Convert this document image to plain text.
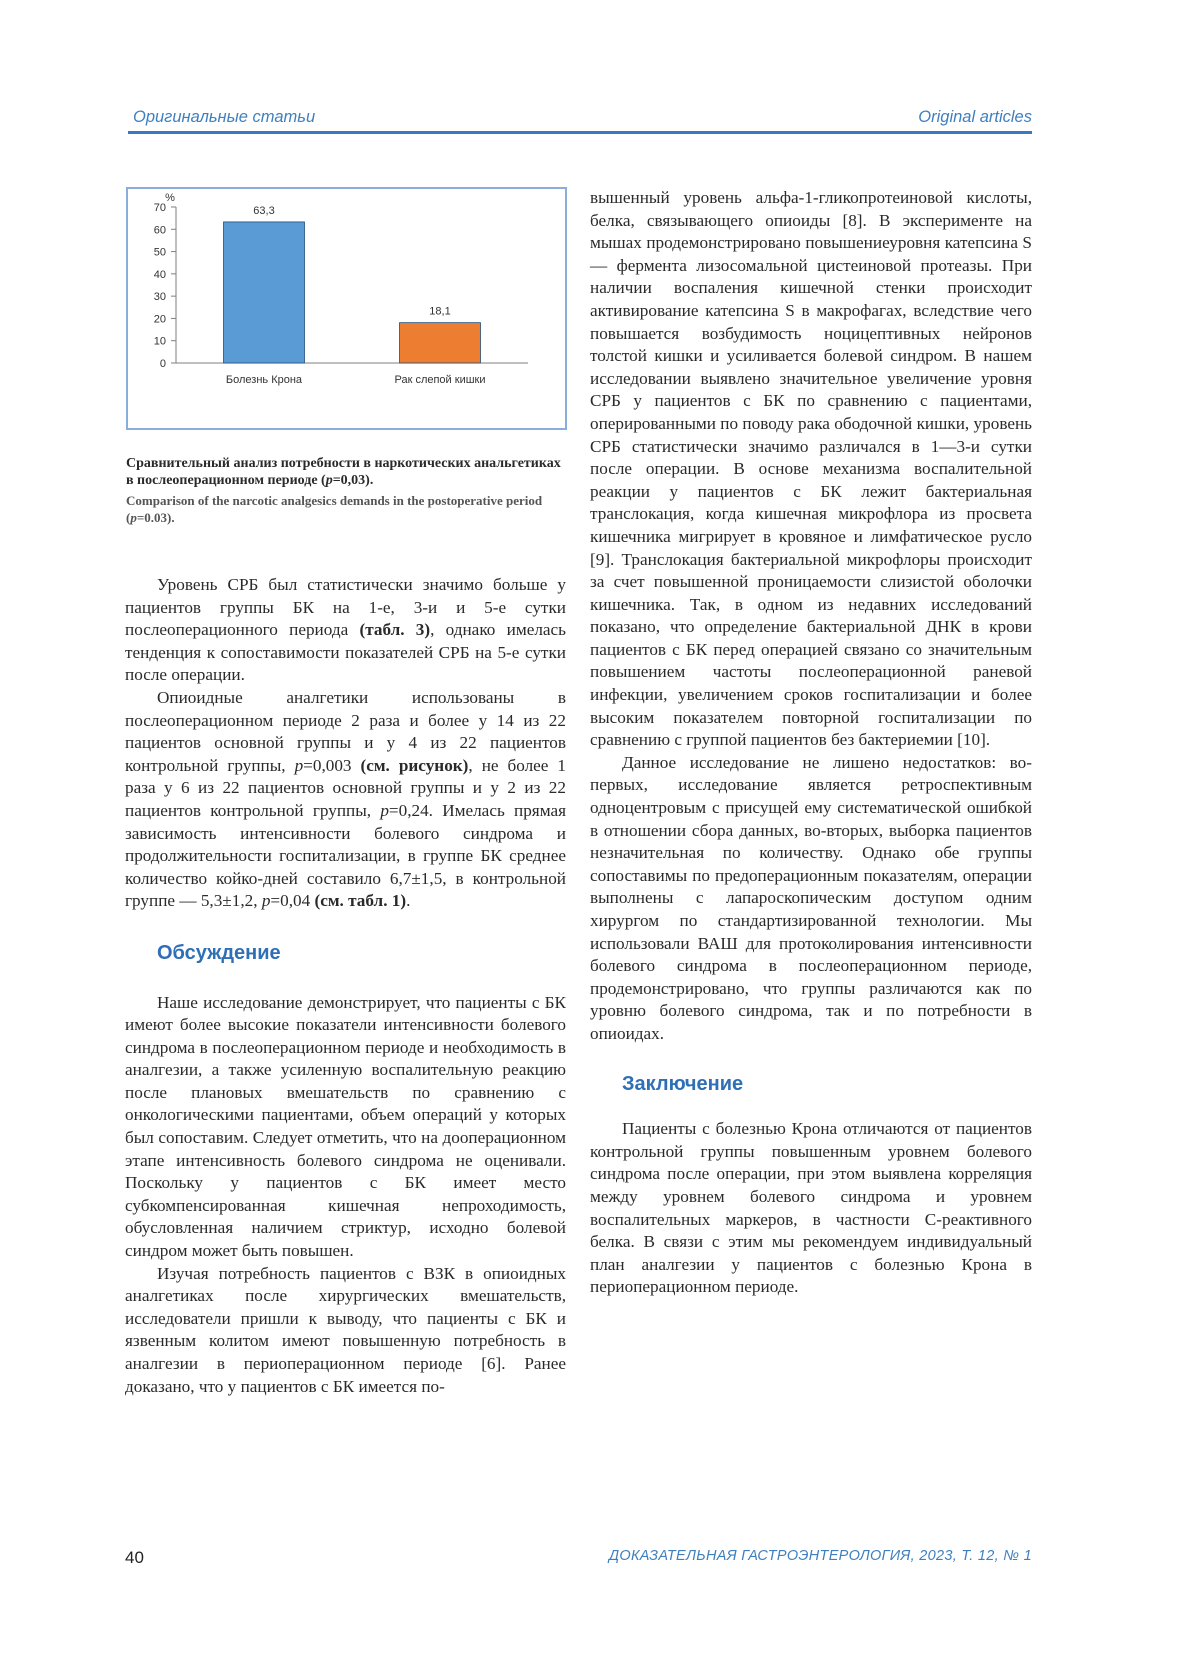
Оригинальные статьи	Original articles
0
10
20
30
40
50
60
70
%
63,3
Болезнь Крона
18,1
Рак слепой кишки
Сравнительный анализ потребности в наркотических анальгетиках в послеоперационном периоде (p=0,03).
Comparison of the narcotic analgesics demands in the postoperative period (p=0.03).

Уровень СРБ был статистически значимо больше у пациентов группы БК на 1-е, 3-и и 5-е сутки послеоперационного периода (табл. 3), однако имелась тенденция к сопоставимости показателей СРБ на 5-е сутки после операции.

Опиоидные аналгетики использованы в послеоперационном периоде 2 раза и более у 14 из 22 пациентов основной группы и у 4 из 22 пациентов контрольной группы, p=0,003 (см. рисунок), не более 1 раза у 6 из 22 пациентов основной группы и у 2 из 22 пациентов контрольной группы, p=0,24. Имелась прямая зависимость интенсивности болевого синдрома и продолжительности госпитализации, в группе БК среднее количество койко-дней составило 6,7±1,5, в контрольной группе — 5,3±1,2, p=0,04 (см. табл. 1).

Обсуждение

Наше исследование демонстрирует, что пациенты с БК имеют более высокие показатели интенсивности болевого синдрома в послеоперационном периоде и необходимость в аналгезии, а также усиленную воспалительную реакцию после плановых вмешательств по сравнению с онкологическими пациентами, объем операций у которых был сопоставим. Следует отметить, что на дооперационном этапе интенсивность болевого синдрома не оценивали. Поскольку у пациентов с БК имеет место субкомпенсированная кишечная непроходимость, обусловленная наличием стриктур, исходно болевой синдром может быть повышен.

Изучая потребность пациентов с ВЗК в опиоидных аналгетиках после хирургических вмешательств, исследователи пришли к выводу, что пациенты с БК и язвенным колитом имеют повышенную потребность в аналгезии в периоперационном периоде [6]. Ранее доказано, что у пациентов с БК имеется по-

вышенный уровень альфа-1-гликопротеиновой кислоты, белка, связывающего опиоиды [8]. В эксперименте на мышах продемонстрировано повышениеуровня катепсина S — фермента лизосомальной цистеиновой протеазы. При наличии воспаления кишечной стенки происходит активирование катепсина S в макрофагах, вследствие чего повышается возбудимость ноцицептивных нейронов толстой кишки и усиливается болевой синдром. В нашем исследовании выявлено значительное увеличение уровня СРБ у пациентов с БК по сравнению с пациентами, оперированными по поводу рака ободочной кишки, уровень СРБ статистически значимо различался в 1—3-и сутки после операции. В основе механизма воспалительной реакции у пациентов с БК лежит бактериальная транслокация, когда кишечная микрофлора из просвета кишечника мигрирует в кровяное и лимфатическое русло [9]. Транслокация бактериальной микрофлоры происходит за счет повышенной проницаемости слизистой оболочки кишечника. Так, в одном из недавних исследований показано, что определение бактериальной ДНК в крови пациентов с БК перед операцией связано со значительным повышением частоты послеоперационной раневой инфекции, увеличением сроков госпитализации и более высоким показателем повторной госпитализации по сравнению с группой пациентов без бактериемии [10].

Данное исследование не лишено недостатков: во-первых, исследование является ретроспективным одноцентровым с присущей ему систематической ошибкой в отношении сбора данных, во-вторых, выборка пациентов незначительная по количеству. Однако обе группы сопоставимы по предоперационным показателям, операции выполнены с лапароскопическим доступом одним хирургом по стандартизированной технологии. Мы использовали ВАШ для протоколирования интенсивности болевого синдрома в послеоперационном периоде, продемонстрировано, что группы различаются как по уровню болевого синдрома, так и по потребности в опиоидах.

Заключение

Пациенты с болезнью Крона отличаются от пациентов контрольной группы повышенным уровнем болевого синдрома после операции, при этом выявлена корреляция между уровнем болевого синдрома и уровнем воспалительных маркеров, в частности С-реактивного белка. В связи с этим мы рекомендуем индивидуальный план аналгезии у пациентов с болезнью Крона в периоперационном периоде.

40	ДОКАЗАТЕЛЬНАЯ ГАСТРОЭНТЕРОЛОГИЯ, 2023, Т. 12, № 1
